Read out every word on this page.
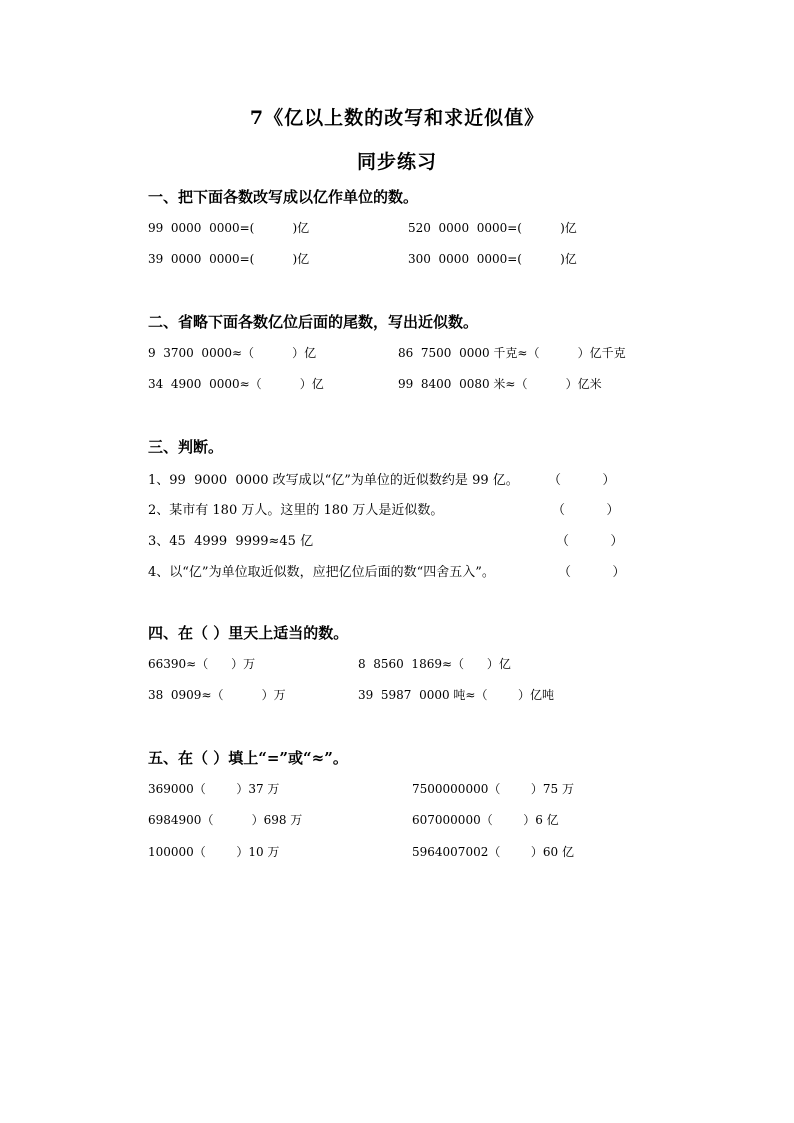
7《亿以上数的改写和求近似值》
同步练习
一、把下面各数改写成以亿作单位的数。
99  0000  0000=(          )亿	520  0000  0000=(          )亿
39  0000  0000=(          )亿	300  0000  0000=(          )亿
二、省略下面各数亿位后面的尾数，写出近似数。
9  3700  0000≈（          ）亿	86  7500  0000 千克≈（          ）亿千克
34  4900  0000≈（          ）亿	99  8400  0080 米≈（          ）亿米
三、判断。
1、99  9000  0000 改写成以“亿”为单位的近似数约是 99 亿。 （          ）
2、某市有 180 万人。这里的 180 万人是近似数。	（          ）
3、45  4999  9999≈45 亿	（          ）
4、以“亿”为单位取近似数，应把亿位后面的数“四舍五入”。	（          ）
四、在（ ）里天上适当的数。
66390≈（      ）万	8  8560  1869≈（      ）亿
38  0909≈（          ）万	39  5987  0000 吨≈（        ）亿吨
五、在（ ）填上“=”或“≈”。
369000（        ）37 万	7500000000（        ）75 万
6984900（          ）698 万	607000000（        ）6 亿
100000（        ）10 万	5964007002（        ）60 亿
